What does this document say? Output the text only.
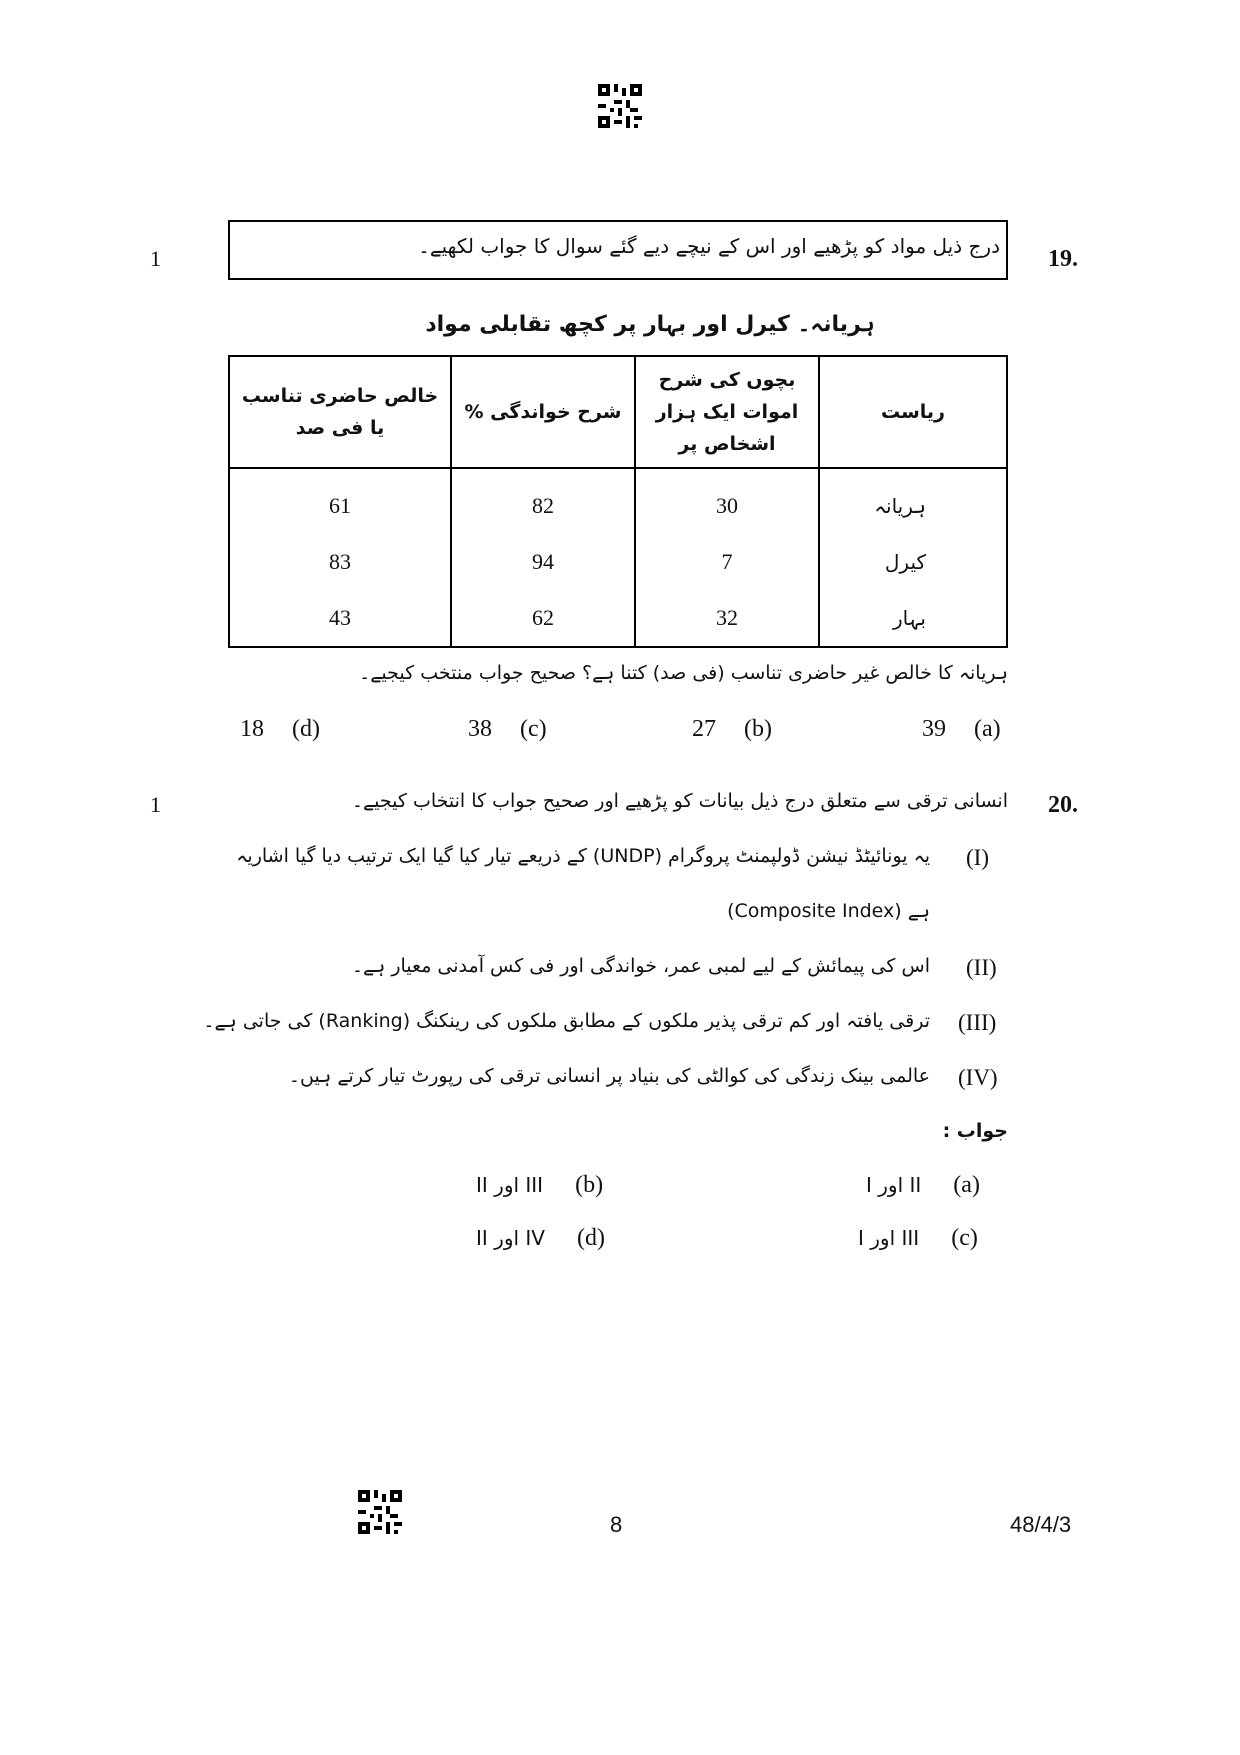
19.
1	درج ذیل مواد کو پڑھیے اور اس کے نیچے دیے گئے سوال کا جواب لکھیے۔
ہریانہ۔ کیرل اور بہار پر کچھ تقابلی مواد
ریاست	بچوں کی شرح اموات ایک ہزار اشخاص پر	شرح خواندگی %	خالص حاضری تناسب یا فی صد
ہریانہ	30	82	61
کیرل	7	94	83
بہار	32	62	43
ہریانہ کا خالص غیر حاضری تناسب (فی صد) کتنا ہے؟ صحیح جواب منتخب کیجیے۔
39 (a)
27 (b)
38 (c)
18 (d)
20.
1	انسانی ترقی سے متعلق درج ذیل بیانات کو پڑھیے اور صحیح جواب کا انتخاب کیجیے۔
(I)
یہ یونائیٹڈ نیشن ڈولپمنٹ پروگرام (UNDP) کے ذریعے تیار کیا گیا ایک ترتیب دیا گیا اشاریہ
ہے (Composite Index)
(II)
اس کی پیمائش کے لیے لمبی عمر، خواندگی اور فی کس آمدنی معیار ہے۔
(III)
ترقی یافتہ اور کم ترقی پذیر ملکوں کے مطابق ملکوں کی رینکنگ (Ranking) کی جاتی ہے۔
(IV)
عالمی بینک زندگی کی کوالٹی کی بنیاد پر انسانی ترقی کی رپورٹ تیار کرتے ہیں۔
جواب :
I اور II (a)
II اور III (b)
I اور III (c)
II اور IV (d)
8	48/4/3
